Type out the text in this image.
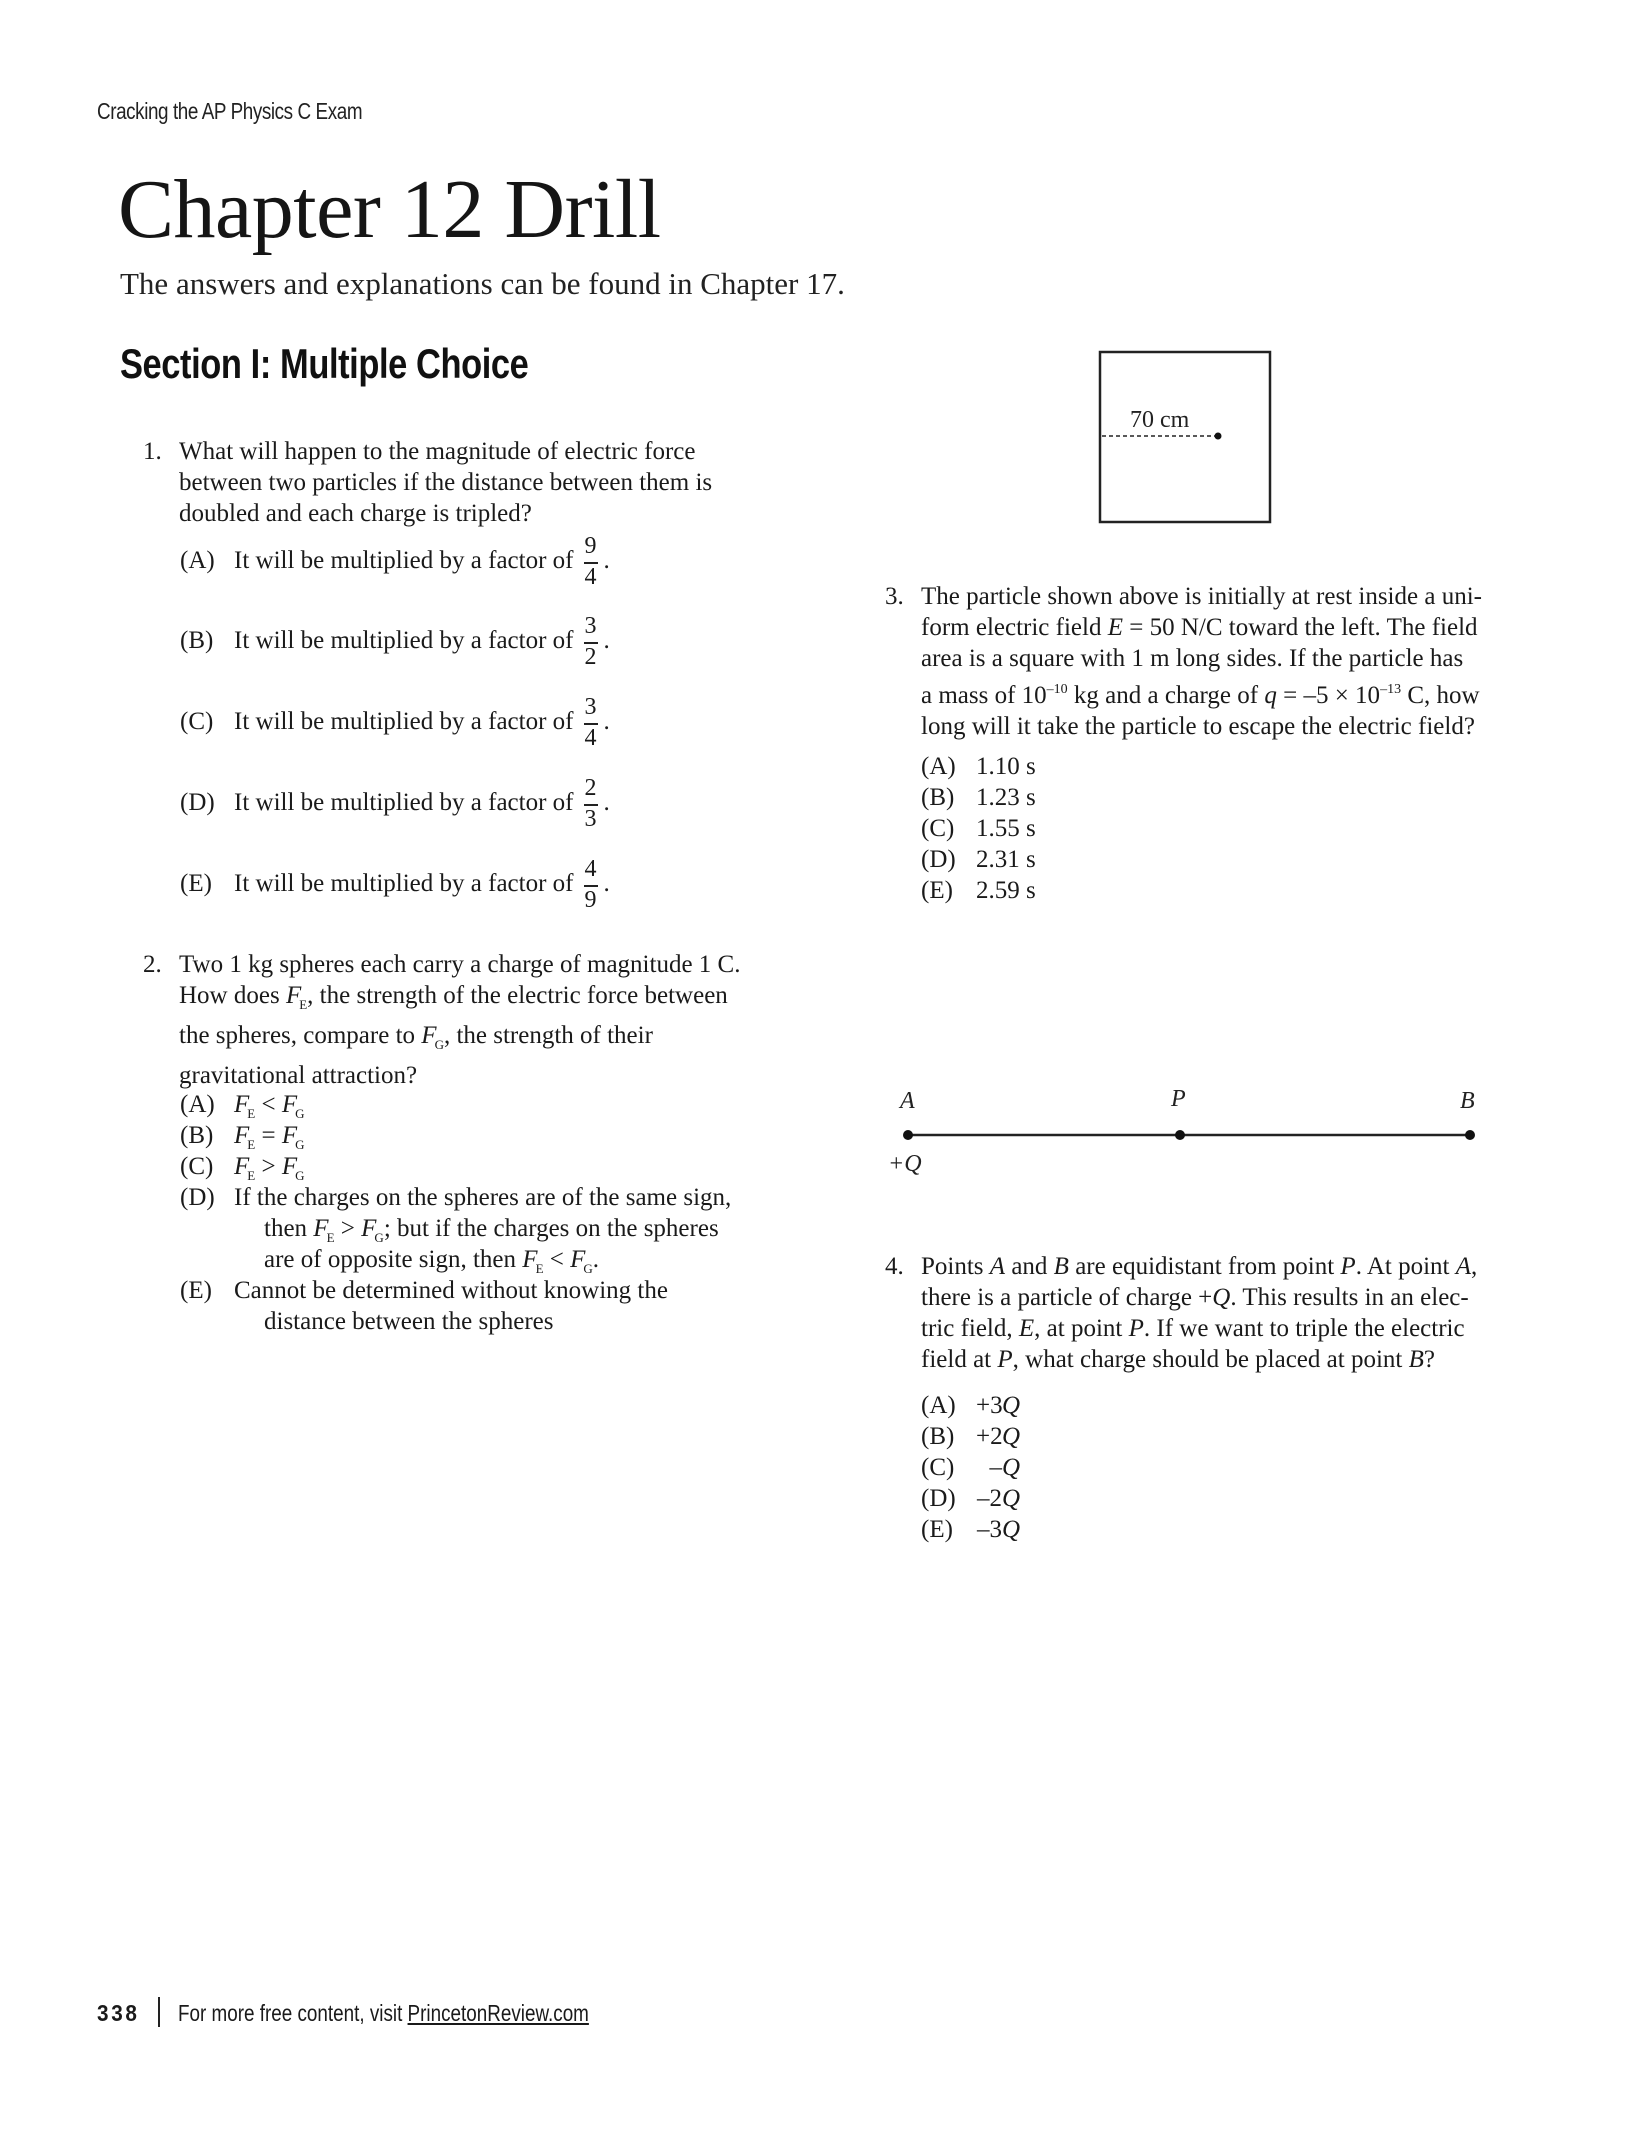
Cracking the AP Physics C Exam
Chapter 12 Drill
The answers and explanations can be found in Chapter 17.
Section I: Multiple Choice
1. What will happen to the magnitude of electric force between two particles if the distance between them is doubled and each charge is tripled?
(A) It will be multiplied by a factor of $\frac{9}{4}$ .
(B) It will be multiplied by a factor of $\frac{3}{2}$ .
(C) It will be multiplied by a factor of $\frac{3}{4}$ .
(D) It will be multiplied by a factor of $\frac{2}{3}$ .
(E) It will be multiplied by a factor of $\frac{4}{9}$ .
2. Two 1 kg spheres each carry a charge of magnitude 1 C. How does $F_E$, the strength of the electric force between the spheres, compare to $F_G$, the strength of their gravitational attraction?
(A) $F_E < F_G$
(B) $F_E = F_G$
(C) $F_E > F_G$
(D) If the charges on the spheres are of the same sign,
then $F_E > F_G$; but if the charges on the spheres
are of opposite sign, then $F_E < F_G$.
(E) Cannot be determined without knowing the
distance between the spheres
70 cm
3. The particle shown above is initially at rest inside a uni-
form electric field E = 50 N/C toward the left. The field
area is a square with 1 m long sides. If the particle has
a mass of $10^{-10}$ kg and a charge of $q = -5 \times 10^{-13}$ C, how
long will it take the particle to escape the electric field?
(A) 1.10 s
(B) 1.23 s
(C) 1.55 s
(D) 2.31 s
(E) 2.59 s
A	P	B
+Q
4. Points A and B are equidistant from point P. At point A,
there is a particle of charge +Q. This results in an elec-
tric field, E, at point P. If we want to triple the electric
field at P, what charge should be placed at point B?
(A) +3Q
(B) +2Q
(C) –Q
(D) –2Q
(E) –3Q
338 For more free content, visit PrincetonReview.com
